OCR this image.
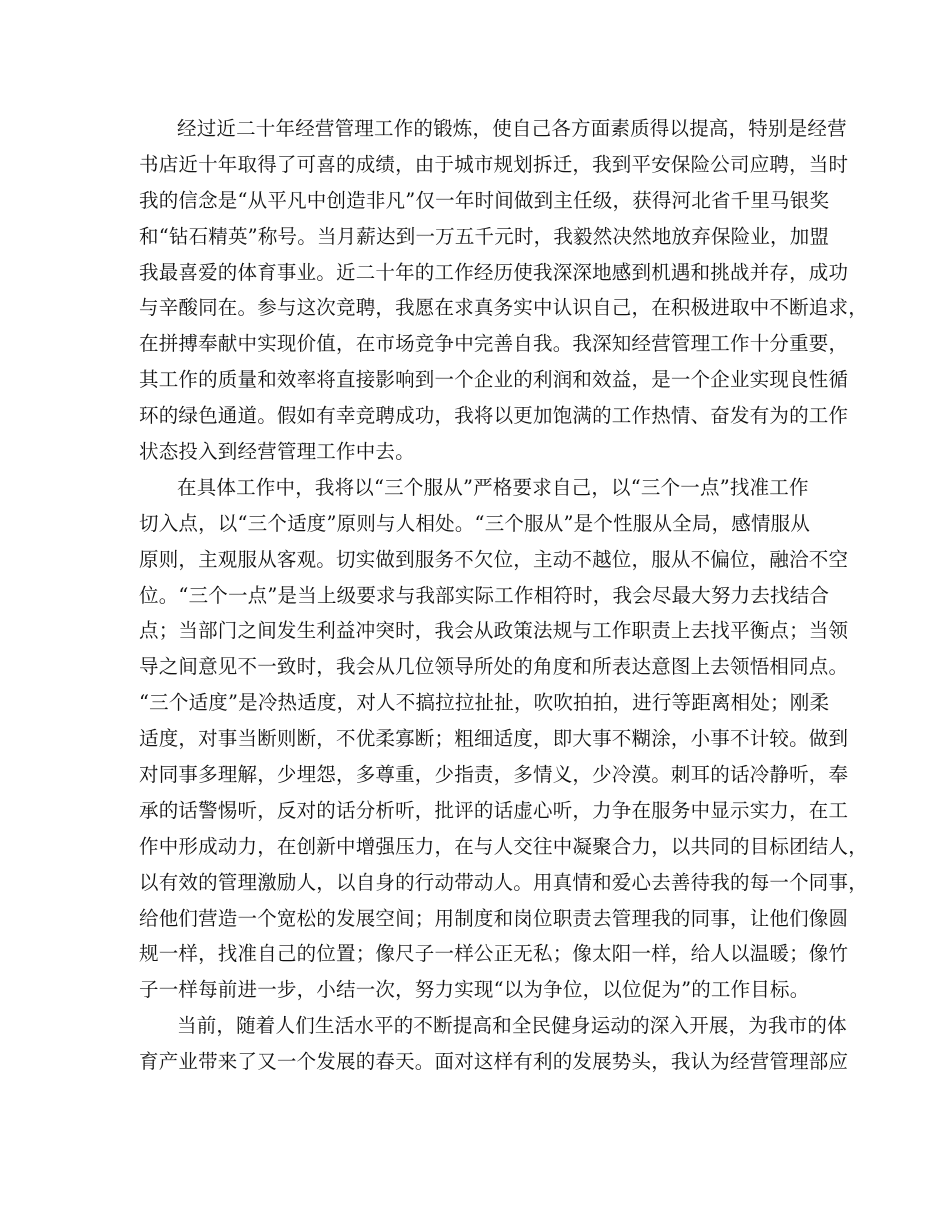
经过近二十年经营管理工作的锻炼，使自己各方面素质得以提高，特别是经营
书店近十年取得了可喜的成绩，由于城市规划拆迁，我到平安保险公司应聘，当时
我的信念是“从平凡中创造非凡”仅一年时间做到主任级，获得河北省千里马银奖
和“钻石精英”称号。当月薪达到一万五千元时，我毅然决然地放弃保险业，加盟
我最喜爱的体育事业。近二十年的工作经历使我深深地感到机遇和挑战并存，成功
与辛酸同在。参与这次竞聘，我愿在求真务实中认识自己，在积极进取中不断追求，
在拼搏奉献中实现价值，在市场竞争中完善自我。我深知经营管理工作十分重要，
其工作的质量和效率将直接影响到一个企业的利润和效益，是一个企业实现良性循
环的绿色通道。假如有幸竞聘成功，我将以更加饱满的工作热情、奋发有为的工作
状态投入到经营管理工作中去。
在具体工作中，我将以“三个服从”严格要求自己，以“三个一点”找准工作
切入点，以“三个适度”原则与人相处。“三个服从”是个性服从全局，感情服从
原则，主观服从客观。切实做到服务不欠位，主动不越位，服从不偏位，融洽不空
位。“三个一点”是当上级要求与我部实际工作相符时，我会尽最大努力去找结合
点；当部门之间发生利益冲突时，我会从政策法规与工作职责上去找平衡点；当领
导之间意见不一致时，我会从几位领导所处的角度和所表达意图上去领悟相同点。
“三个适度”是冷热适度，对人不搞拉拉扯扯，吹吹拍拍，进行等距离相处；刚柔
适度，对事当断则断，不优柔寡断；粗细适度，即大事不糊涂，小事不计较。做到
对同事多理解，少埋怨，多尊重，少指责，多情义，少冷漠。刺耳的话冷静听，奉
承的话警惕听，反对的话分析听，批评的话虚心听，力争在服务中显示实力，在工
作中形成动力，在创新中增强压力，在与人交往中凝聚合力，以共同的目标团结人，
以有效的管理激励人，以自身的行动带动人。用真情和爱心去善待我的每一个同事，
给他们营造一个宽松的发展空间；用制度和岗位职责去管理我的同事，让他们像圆
规一样，找准自己的位置；像尺子一样公正无私；像太阳一样，给人以温暖；像竹
子一样每前进一步，小结一次，努力实现“以为争位，以位促为”的工作目标。
当前，随着人们生活水平的不断提高和全民健身运动的深入开展，为我市的体
育产业带来了又一个发展的春天。面对这样有利的发展势头，我认为经营管理部应
